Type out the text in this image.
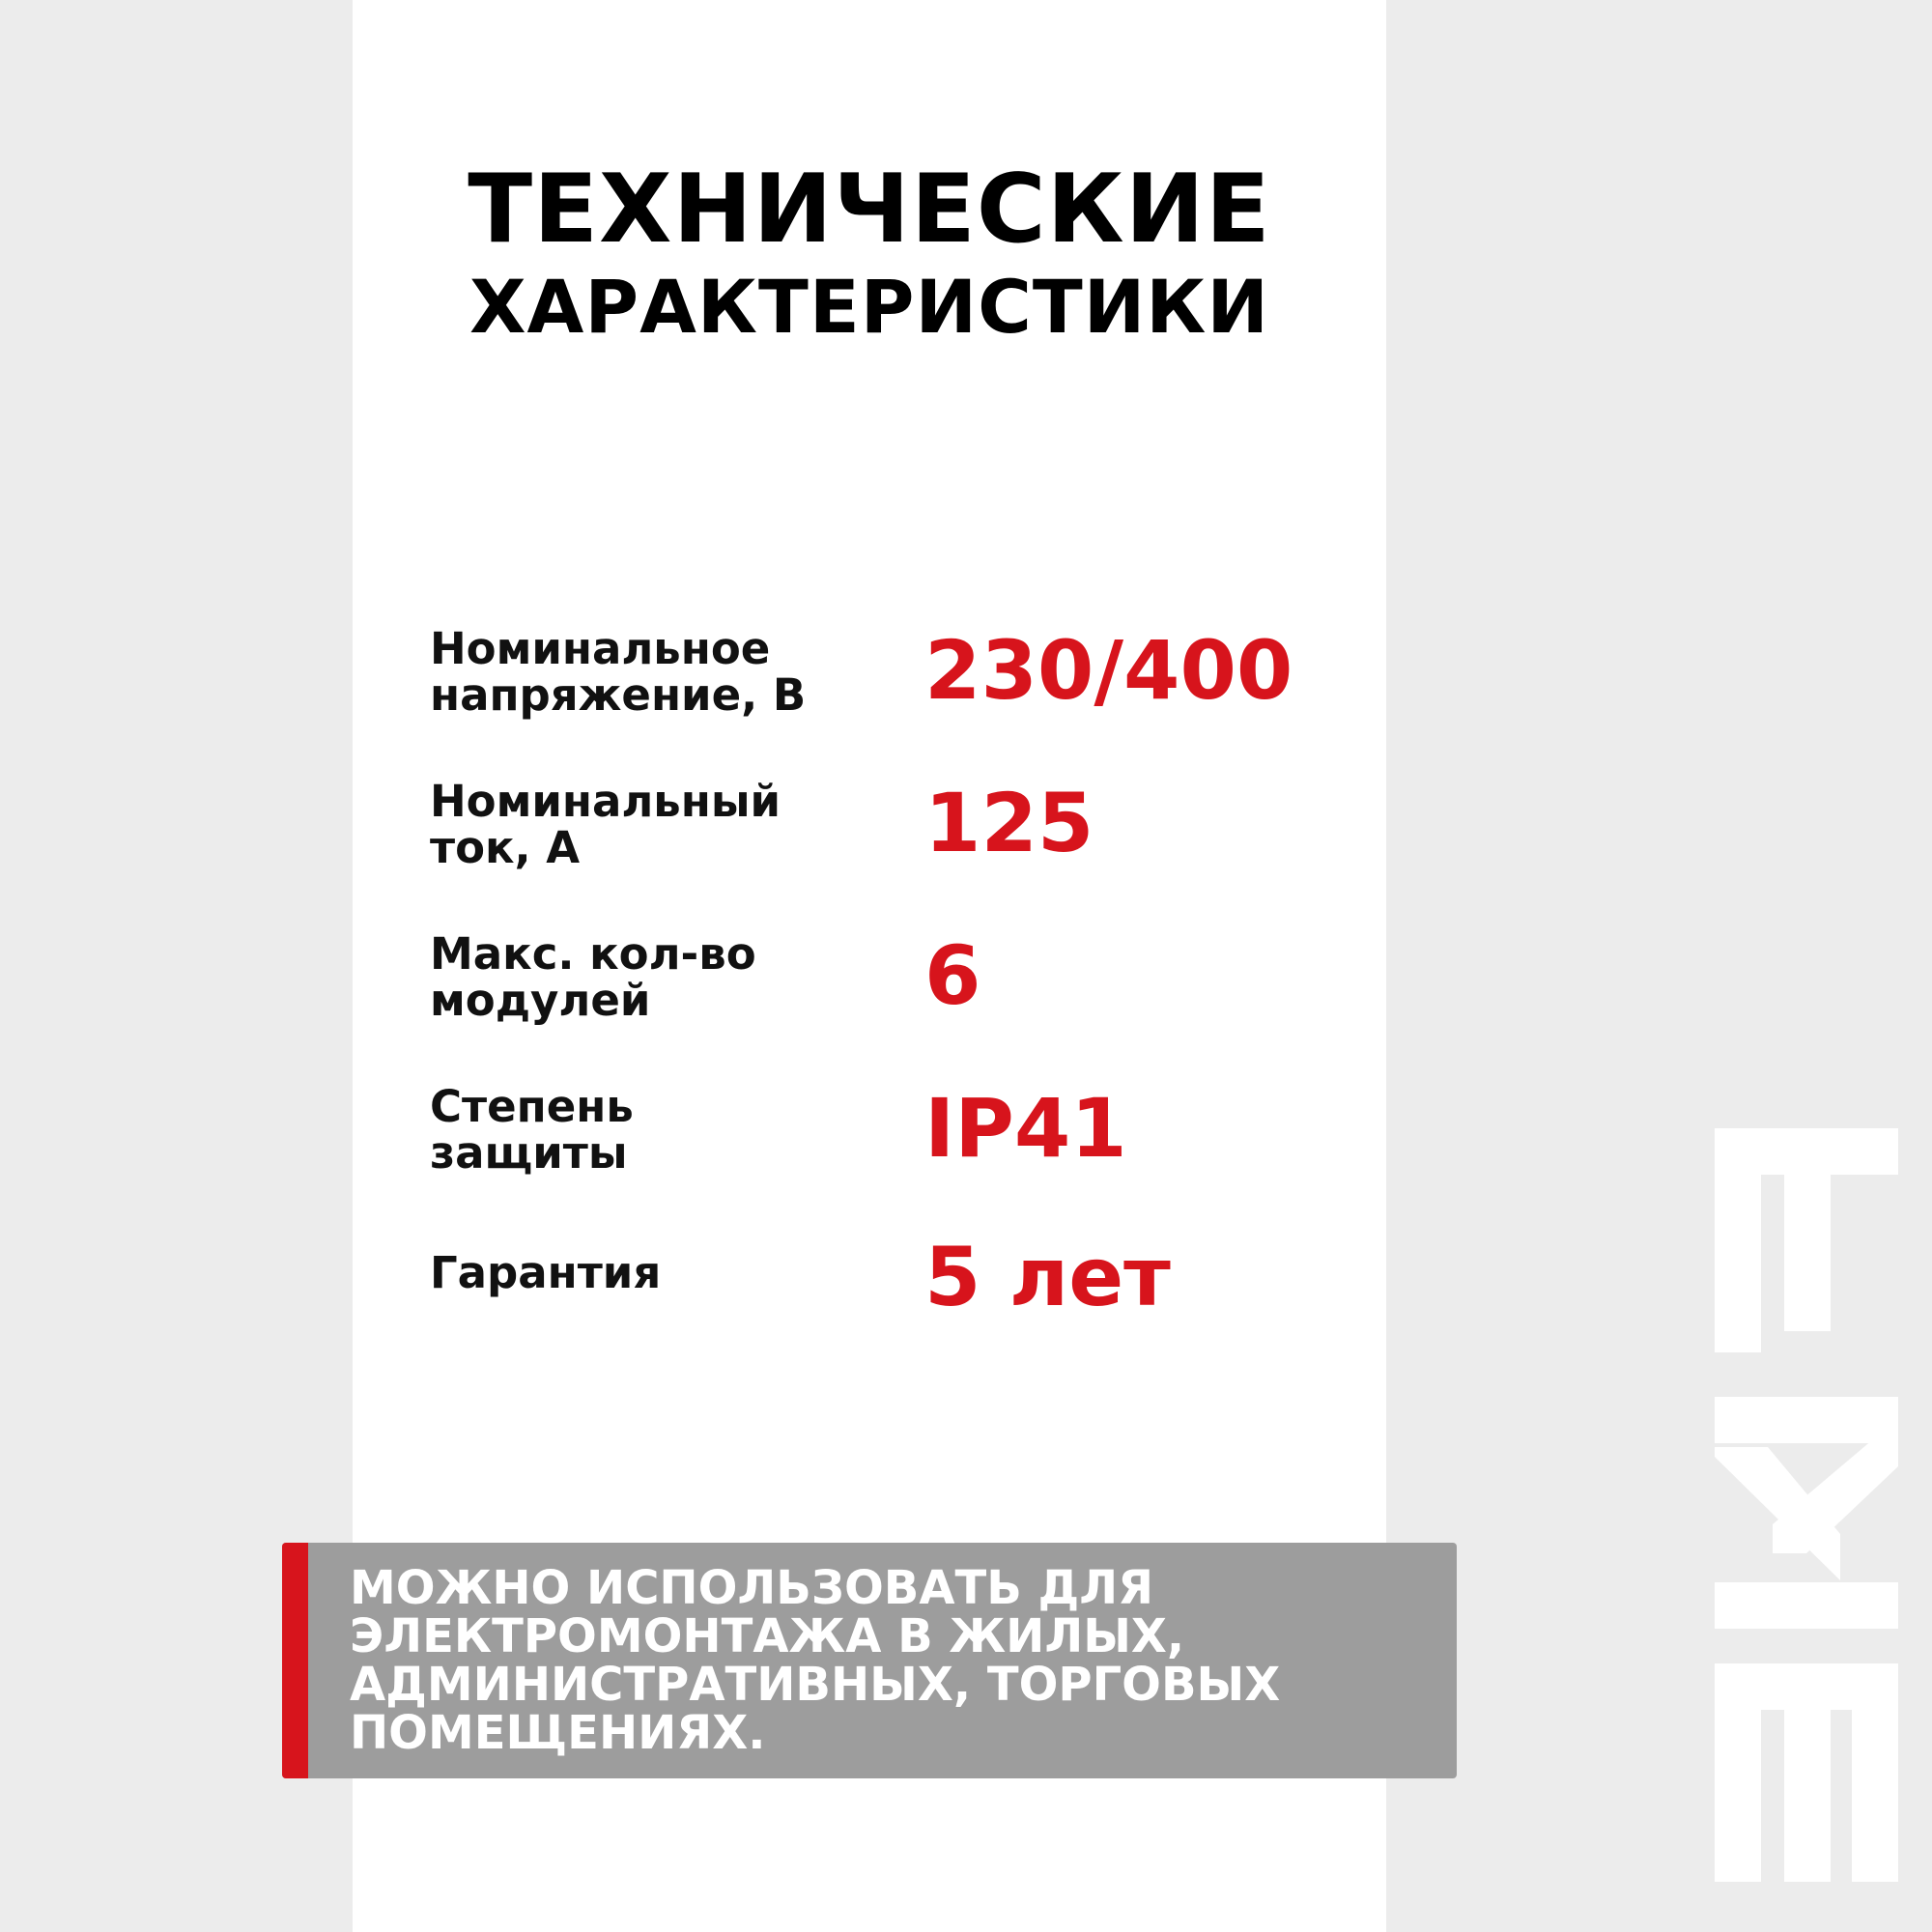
ТЕХНИЧЕСКИЕ
ХАРАКТЕРИСТИКИ
Номинальное
напряжение, В	230/400
Номинальный
ток, А	125
Макс. кол-во
модулей	6
Степень
защиты	IP41
Гарантия	5 лет
МОЖНО ИСПОЛЬЗОВАТЬ ДЛЯ
ЭЛЕКТРОМОНТАЖА В ЖИЛЫХ,
АДМИНИСТРАТИВНЫХ, ТОРГОВЫХ
ПОМЕЩЕНИЯХ.
